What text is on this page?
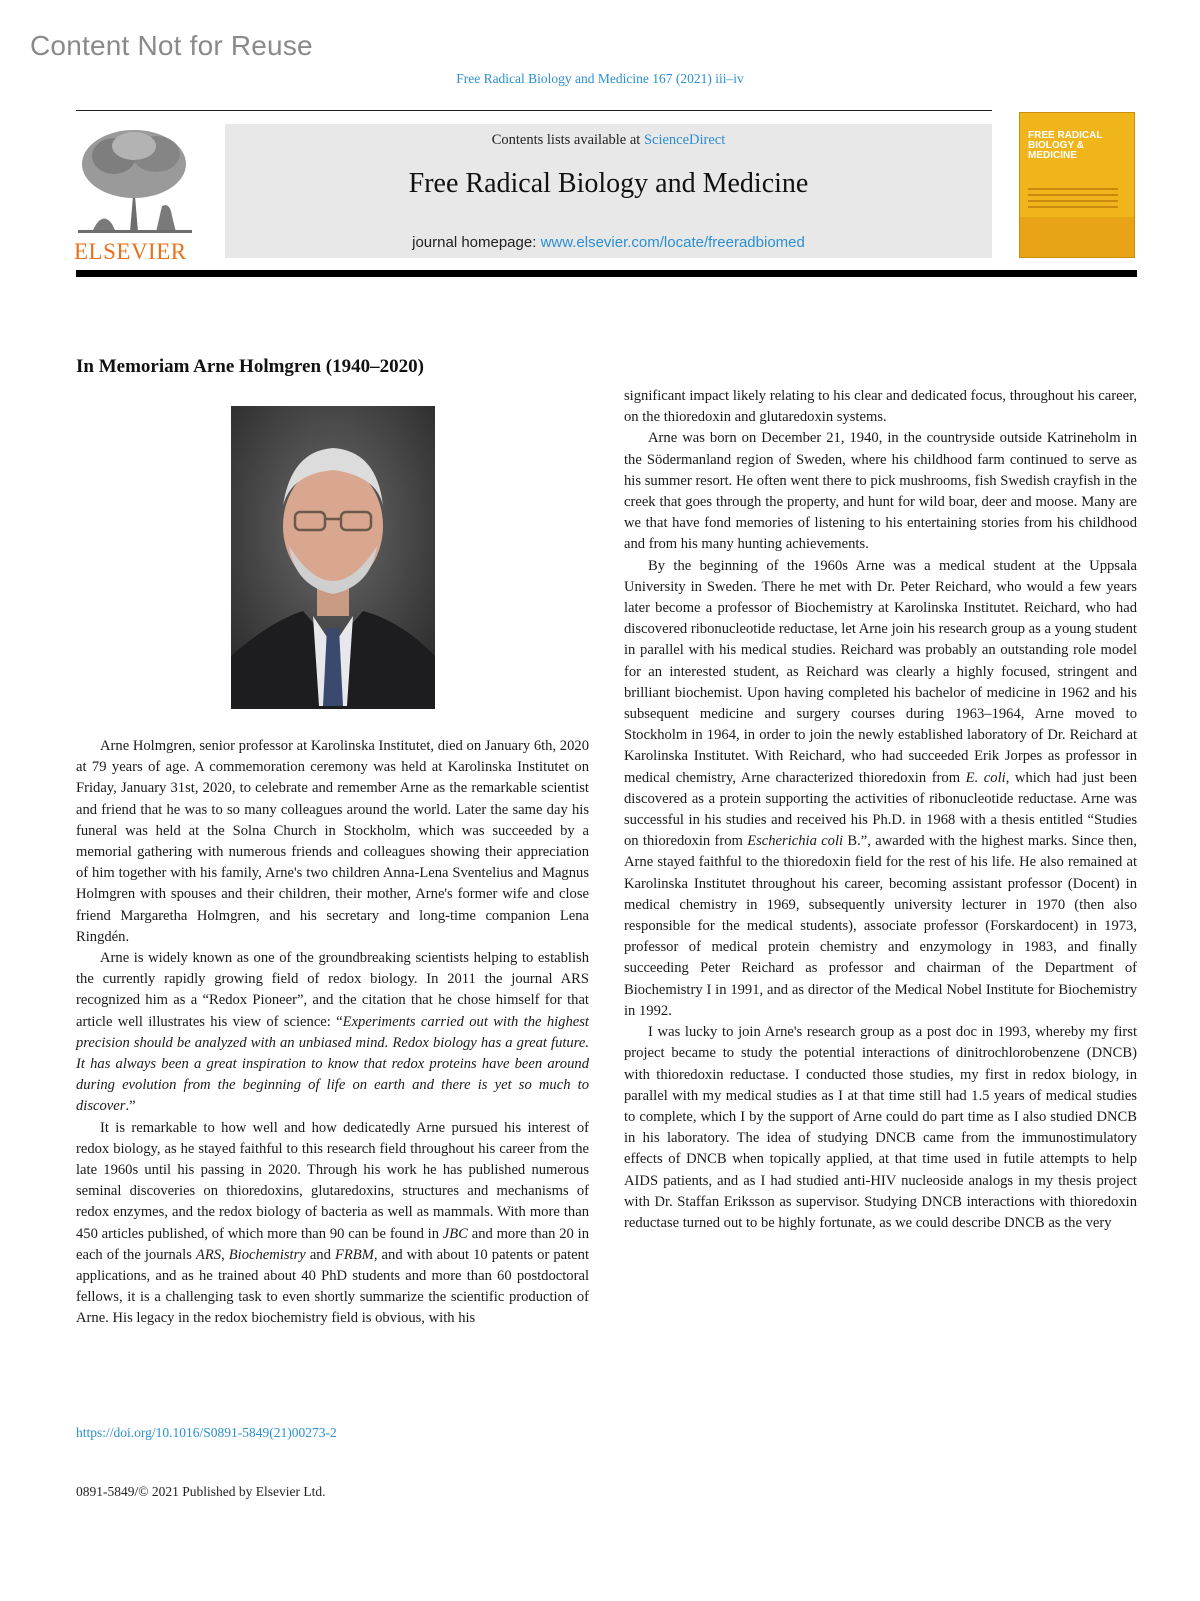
Content Not for Reuse
Free Radical Biology and Medicine 167 (2021) iii–iv
ELSEVIER
Contents lists available at ScienceDirect
Free Radical Biology and Medicine
journal homepage: www.elsevier.com/locate/freeradbiomed
FREE RADICAL BIOLOGY & MEDICINE
In Memoriam Arne Holmgren (1940–2020)

Arne Holmgren, senior professor at Karolinska Institutet, died on January 6th, 2020 at 79 years of age. A commemoration ceremony was held at Karolinska Institutet on Friday, January 31st, 2020, to celebrate and remember Arne as the remarkable scientist and friend that he was to so many colleagues around the world. Later the same day his funeral was held at the Solna Church in Stockholm, which was succeeded by a memorial gathering with numerous friends and colleagues showing their appreciation of him together with his family, Arne's two children Anna-Lena Sventelius and Magnus Holmgren with spouses and their children, their mother, Arne's former wife and close friend Margaretha Holmgren, and his secretary and long-time companion Lena Ringdén.

Arne is widely known as one of the groundbreaking scientists helping to establish the currently rapidly growing field of redox biology. In 2011 the journal ARS recognized him as a “Redox Pioneer”, and the citation that he chose himself for that article well illustrates his view of science: “Experiments carried out with the highest precision should be analyzed with an unbiased mind. Redox biology has a great future. It has always been a great inspiration to know that redox proteins have been around during evolution from the beginning of life on earth and there is yet so much to discover.”

It is remarkable to how well and how dedicatedly Arne pursued his interest of redox biology, as he stayed faithful to this research field throughout his career from the late 1960s until his passing in 2020. Through his work he has published numerous seminal discoveries on thioredoxins, glutaredoxins, structures and mechanisms of redox enzymes, and the redox biology of bacteria as well as mammals. With more than 450 articles published, of which more than 90 can be found in JBC and more than 20 in each of the journals ARS, Biochemistry and FRBM, and with about 10 patents or patent applications, and as he trained about 40 PhD students and more than 60 postdoctoral fellows, it is a challenging task to even shortly summarize the scientific production of Arne. His legacy in the redox biochemistry field is obvious, with his

significant impact likely relating to his clear and dedicated focus, throughout his career, on the thioredoxin and glutaredoxin systems.

Arne was born on December 21, 1940, in the countryside outside Katrineholm in the Södermanland region of Sweden, where his childhood farm continued to serve as his summer resort. He often went there to pick mushrooms, fish Swedish crayfish in the creek that goes through the property, and hunt for wild boar, deer and moose. Many are we that have fond memories of listening to his entertaining stories from his childhood and from his many hunting achievements.

By the beginning of the 1960s Arne was a medical student at the Uppsala University in Sweden. There he met with Dr. Peter Reichard, who would a few years later become a professor of Biochemistry at Karolinska Institutet. Reichard, who had discovered ribonucleotide reductase, let Arne join his research group as a young student in parallel with his medical studies. Reichard was probably an outstanding role model for an interested student, as Reichard was clearly a highly focused, stringent and brilliant biochemist. Upon having completed his bachelor of medicine in 1962 and his subsequent medicine and surgery courses during 1963–1964, Arne moved to Stockholm in 1964, in order to join the newly established laboratory of Dr. Reichard at Karolinska Institutet. With Reichard, who had succeeded Erik Jorpes as professor in medical chemistry, Arne characterized thioredoxin from E. coli, which had just been discovered as a protein supporting the activities of ribonucleotide reductase. Arne was successful in his studies and received his Ph.D. in 1968 with a thesis entitled “Studies on thioredoxin from Escherichia coli B.”, awarded with the highest marks. Since then, Arne stayed faithful to the thioredoxin field for the rest of his life. He also remained at Karolinska Institutet throughout his career, becoming assistant professor (Docent) in medical chemistry in 1969, subsequently university lecturer in 1970 (then also responsible for the medical students), associate professor (Forskardocent) in 1973, professor of medical protein chemistry and enzymology in 1983, and finally succeeding Peter Reichard as professor and chairman of the Department of Biochemistry I in 1991, and as director of the Medical Nobel Institute for Biochemistry in 1992.

I was lucky to join Arne's research group as a post doc in 1993, whereby my first project became to study the potential interactions of dinitrochlorobenzene (DNCB) with thioredoxin reductase. I conducted those studies, my first in redox biology, in parallel with my medical studies as I at that time still had 1.5 years of medical studies to complete, which I by the support of Arne could do part time as I also studied DNCB in his laboratory. The idea of studying DNCB came from the immunostimulatory effects of DNCB when topically applied, at that time used in futile attempts to help AIDS patients, and as I had studied anti-HIV nucleoside analogs in my thesis project with Dr. Staffan Eriksson as supervisor. Studying DNCB interactions with thioredoxin reductase turned out to be highly fortunate, as we could describe DNCB as the very

https://doi.org/10.1016/S0891-5849(21)00273-2
0891-5849/© 2021 Published by Elsevier Ltd.
